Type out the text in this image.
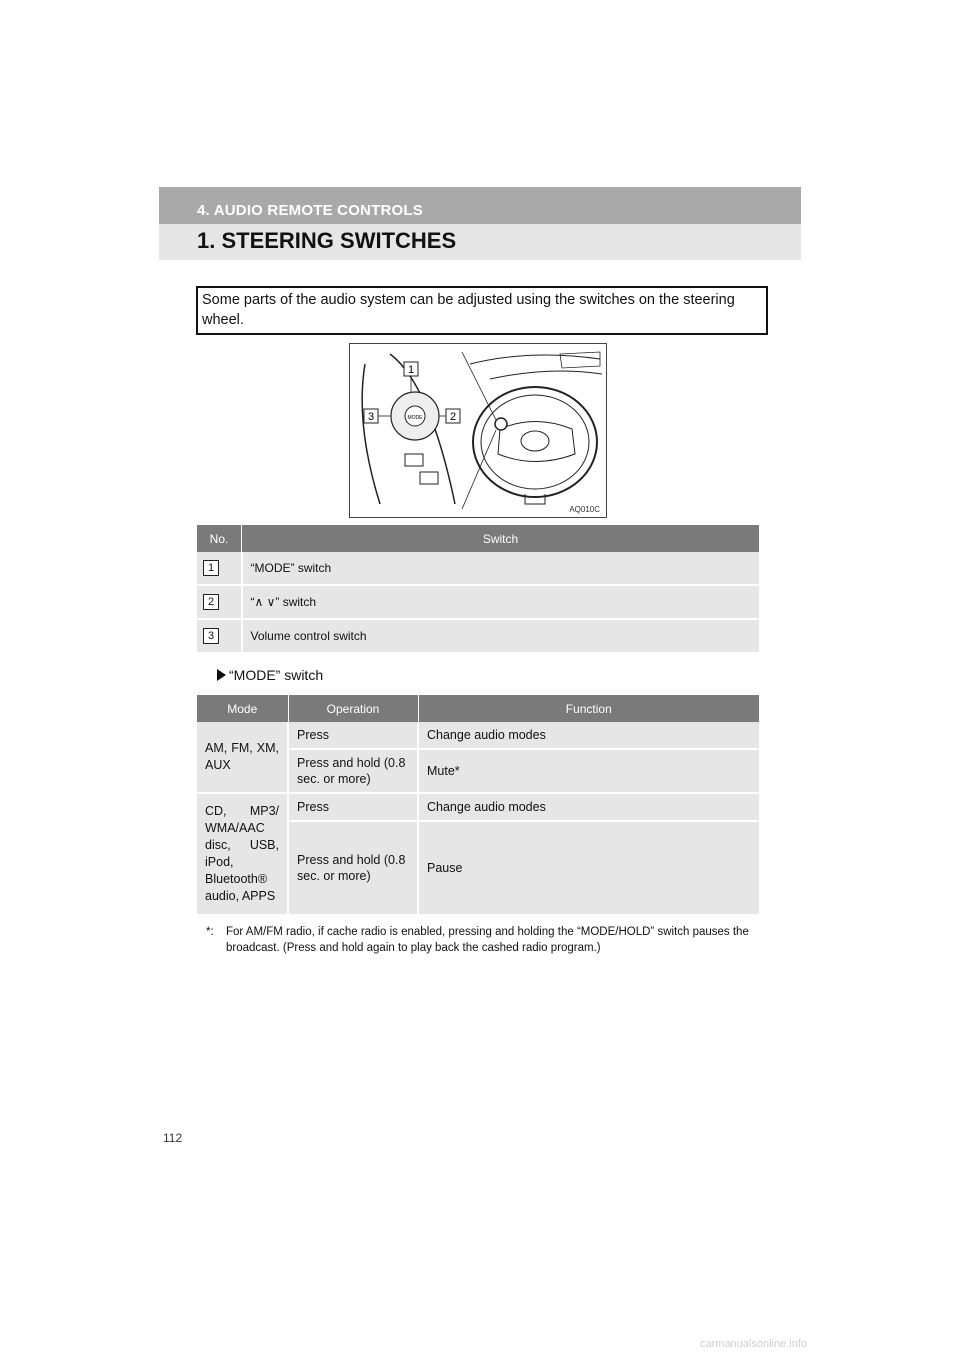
4. AUDIO REMOTE CONTROLS
1. STEERING SWITCHES
Some parts of the audio system can be adjusted using the switches on the steering wheel.
MODE
1
2
3
AQ010C
No.	Switch
1	“MODE” switch
2	“∧ ∨” switch
3	Volume control switch
“MODE” switch
Mode	Operation	Function
AM, FM, XM, AUX	Press	Change audio modes
	Press and hold (0.8 sec. or more)	Mute*
CD, MP3/ WMA/AAC disc, USB, iPod, Bluetooth® audio, APPS	Press	Change audio modes
	Press and hold (0.8 sec. or more)	Pause
*: For AM/FM radio, if cache radio is enabled, pressing and holding the “MODE/HOLD” switch pauses the broadcast. (Press and hold again to play back the cashed radio program.)
112
carmanualsonline.info
